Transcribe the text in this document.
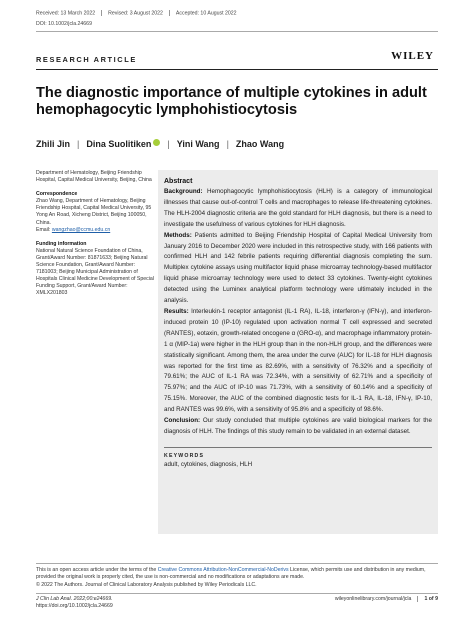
Received: 13 March 2022	Revised: 3 August 2022	Accepted: 10 August 2022
DOI: 10.1002/jcla.24669
RESEARCH ARTICLE	WILEY
The diagnostic importance of multiple cytokines in adult hemophagocytic lymphohistiocytosis
Zhili Jin | Dina Suolitiken | Yini Wang | Zhao Wang
Department of Hematology, Beijing Friendship Hospital, Capital Medical University, Beijing, China
Correspondence
Zhao Wang, Department of Hematology, Beijing Friendship Hospital, Capital Medical University, 95 Yong An Road, Xicheng District, Beijing 100050, China.
Email: wangzhao@ccmu.edu.cn
Funding information
National Natural Science Foundation of China, Grant/Award Number: 81871633; Beijing Natural Science Foundation, Grant/Award Number: 7181003; Beijing Municipal Administration of Hospitals Clinical Medicine Development of Special Funding Support, Grant/Award Number: XMLX201803
Abstract

Background: Hemophagocytic lymphohistiocytosis (HLH) is a category of immunological illnesses that cause out-of-control T cells and macrophages to release life-threatening cytokines. The HLH-2004 diagnostic criteria are the gold standard for HLH diagnosis, but there is a need to investigate the usefulness of various cytokines for HLH diagnosis.

Methods: Patients admitted to Beijing Friendship Hospital of Capital Medical University from January 2016 to December 2020 were included in this retrospective study, with 166 patients with confirmed HLH and 142 febrile patients requiring differential diagnosis completing the sum. Multiplex cytokine assays using multifactor liquid phase microarray technology-based multifactor liquid phase microarray technology were used to detect 33 cytokines. Twenty-eight cytokines detected using the Luminex analytical platform technology were ultimately included in the analysis.

Results: Interleukin-1 receptor antagonist (IL-1 RA), IL-18, interferon-γ (IFN-γ), and interferon-induced protein 10 (IP-10) regulated upon activation normal T cell expressed and secreted (RANTES), eotaxin, growth-related oncogene α (GRO-α), and macrophage inflammatory protein-1 α (MIP-1a) were higher in the HLH group than in the non-HLH group, and the differences were statistically significant. Among them, the area under the curve (AUC) for IL-18 for HLH diagnosis was reported for the first time as 82.69%, with a sensitivity of 76.32% and a specificity of 79.61%; the AUC of IL-1 RA was 72.34%, with a sensitivity of 62.71% and a specificity of 75.97%; and the AUC of IP-10 was 71.73%, with a sensitivity of 60.14% and a specificity of 75.15%. Moreover, the AUC of the combined diagnostic tests for IL-1 RA, IL-18, IFN-γ, IP-10, and RANTES was 99.6%, with a sensitivity of 95.8% and a specificity of 98.6%.

Conclusion: Our study concluded that multiple cytokines are valid biological markers for the diagnosis of HLH. The findings of this study remain to be validated in an external dataset.

KEYWORDS
adult, cytokines, diagnosis, HLH
This is an open access article under the terms of the Creative Commons Attribution-NonCommercial-NoDerivs License, which permits use and distribution in any medium, provided the original work is properly cited, the use is non-commercial and no modifications or adaptations are made.
© 2022 The Authors. Journal of Clinical Laboratory Analysis published by Wiley Periodicals LLC.
J Clin Lab Anal. 2022;00:e24669.
https://doi.org/10.1002/jcla.24669
wileyonlinelibrary.com/journal/jcla	1 of 9
